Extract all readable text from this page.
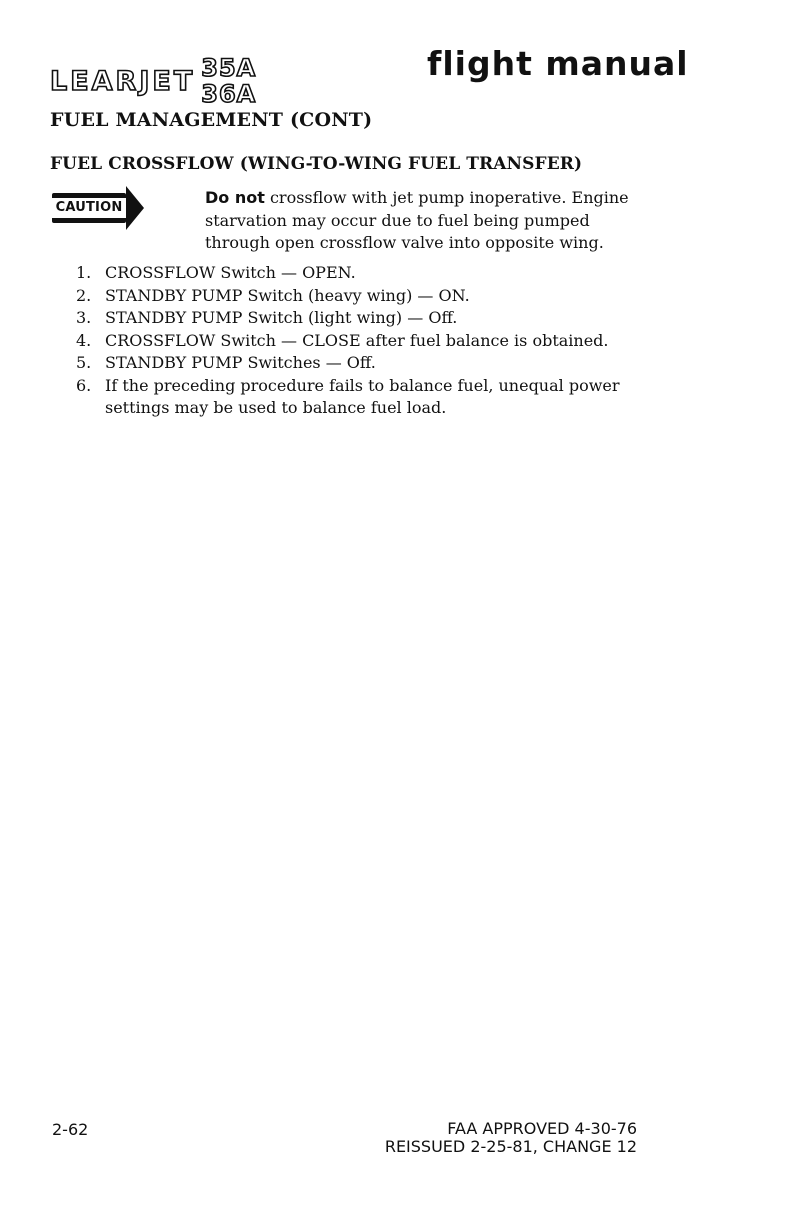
LEARJET 35A
36A
flight manual
FUEL MANAGEMENT (CONT)
FUEL CROSSFLOW (WING-TO-WING FUEL TRANSFER)
CAUTION
Do not crossflow with jet pump inoperative. Engine starvation may occur due to fuel being pumped through open crossflow valve into opposite wing.
1. CROSSFLOW Switch — OPEN.
2. STANDBY PUMP Switch (heavy wing) — ON.
3. STANDBY PUMP Switch (light wing) — Off.
4. CROSSFLOW Switch — CLOSE after fuel balance is obtained.
5. STANDBY PUMP Switches — Off.
6. If the preceding procedure fails to balance fuel, unequal power settings may be used to balance fuel load.
2-62	FAA APPROVED 4-30-76
REISSUED 2-25-81, CHANGE 12
